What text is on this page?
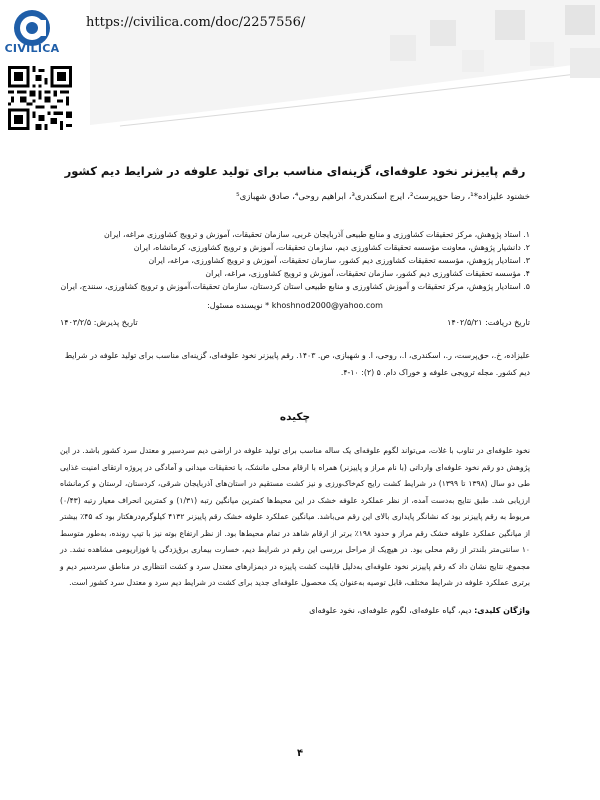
CIVILICA
https://civilica.com/doc/2257556/
رقم پاییزنر نخود علوفه‌ای، گزینه‌ای مناسب برای تولید علوفه در شرایط دیم کشور
خشنود علیزاده*¹، رضا حق‌پرست²، ایرج اسکندری³، ابراهیم روحی⁴، صادق شهبازی⁵
۱. استاد پژوهش، مرکز تحقیقات کشاورزی و منابع طبیعی آذربایجان غربی، سازمان تحقیقات، آموزش و ترویج کشاورزی مراغه، ایران
۲. دانشیار پژوهش، معاونت مؤسسه تحقیقات کشاورزی دیم، سازمان تحقیقات، آموزش و ترویج کشاورزی، کرمانشاه، ایران
۳. استادیار پژوهش، مؤسسه تحقیقات کشاورزی دیم کشور، سازمان تحقیقات، آموزش و ترویج کشاورزی، مراغه، ایران
۴. مؤسسه تحقیقات کشاورزی دیم کشور، سازمان تحقیقات، آموزش و ترویج کشاورزی، مراغه، ایران
۵. استادیار پژوهش، مرکز تحقیقات و آموزش کشاورزی و منابع طبیعی استان کردستان، سازمان تحقیقات،آموزش و ترویج کشاورزی، سنندج، ایران
khoshnod2000@yahoo.com * نویسنده مسئول:
تاریخ دریافت: ۱۴۰۲/۵/۲۱
تاریخ پذیرش: ۱۴۰۳/۲/۵
علیزاده، خ.، حق‌پرست، ر.، اسکندری، ا.، روحی، ا. و شهبازی، ص. ۱۴۰۳. رقم پاییزنر نخود علوفه‌ای، گزینه‌ای مناسب برای تولید علوفه در شرایط دیم کشور. مجله ترویجی علوفه و خوراک دام. ۵ (۲): ۱۰-۴.
چکیده
نخود علوفه‌ای در تناوب با غلات، می‌تواند لگوم علوفه‌ای یک ساله مناسب برای تولید علوفه در اراضی دیم سردسیر و معتدل سرد کشور باشد. در این پژوهش دو رقم نخود علوفه‌ای وارداتی (با نام مراز و پاییزنر) همراه با ارقام محلی مانشک، با تحقیقات میدانی و آمادگی در پروژه ارتقای امنیت غذایی طی دو سال (۱۳۹۸ تا ۱۳۹۹) در شرایط کشت رایج کم‌خاک‌ورزی و نیز کشت مستقیم در استان‌های آذربایجان شرقی، کردستان، لرستان و کرمانشاه ارزیابی شد. طبق نتایج به‌دست آمده، از نظر عملکرد علوفه خشک در این محیط‌ها کمترین میانگین رتبه (۱/۳۱) و کمترین انحراف معیار رتبه (۰/۴۳) مربوط به رقم پاییزنر بود که نشانگر پایداری بالای این رقم می‌باشد. میانگین عملکرد علوفه خشک رقم پاییزنر ۴۱۳۲ کیلوگرم‌درهکتار بود که ۴۵٪ بیشتر از میانگین عملکرد علوفه خشک رقم مراز و حدود ۱۹۸٪ برتر از ارقام شاهد در تمام محیط‌ها بود. از نظر ارتفاع بوته نیز با تیپ رونده، به‌طور متوسط ۱۰ سانتی‌متر بلندتر از رقم محلی بود. در هیچ‌یک از مراحل بررسی این رقم در شرایط دیم، خسارت بیماری برق‌زدگی یا فوزاریومی مشاهده نشد. در مجموع، نتایج نشان داد که رقم پاییزنر نخود علوفه‌ای به‌دلیل قابلیت کشت پاییزه در دیمزارهای معتدل سرد و کشت انتظاری در مناطق سردسیر دیم و برتری عملکرد علوفه در شرایط مختلف، قابل توصیه به‌عنوان یک محصول علوفه‌ای جدید برای کشت در شرایط دیم سرد و معتدل سرد کشور است.
واژگان کلیدی: دیم، گیاه علوفه‌ای، لگوم علوفه‌ای، نخود علوفه‌ای
۴
